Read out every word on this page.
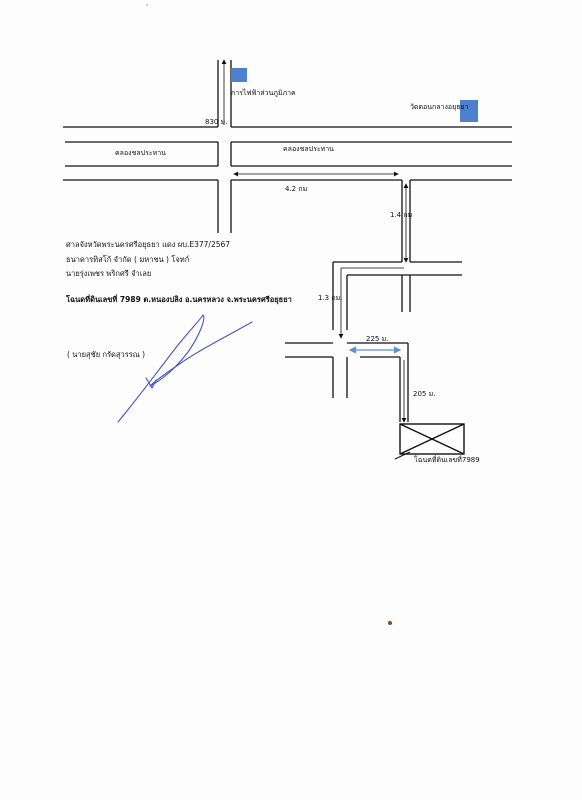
การไฟฟ้าส่วนภูมิภาค
วัดดอนกลางอยุธยา
830 ม.
คลองชลประทาน	คลองชลประทาน
4.2 กม
1.4 กม
1.3 กม.
225 ม.
205 ม.
โฉนดที่ดินเลขที่7989
ศาลจังหวัดพระนครศรีอยุธยา แดง ผบ.E377/2567
ธนาคารทิสโก้ จำกัด ( มหาชน ) โจทก์
นายรุ่งเพชร พริกศรี จำเลย
โฉนดที่ดินเลขที่ 7989 ต.หนองปลิง อ.นครหลวง จ.พระนครศรีอยุธยา
( นายสุชัย กรัดสุวรรณ )
